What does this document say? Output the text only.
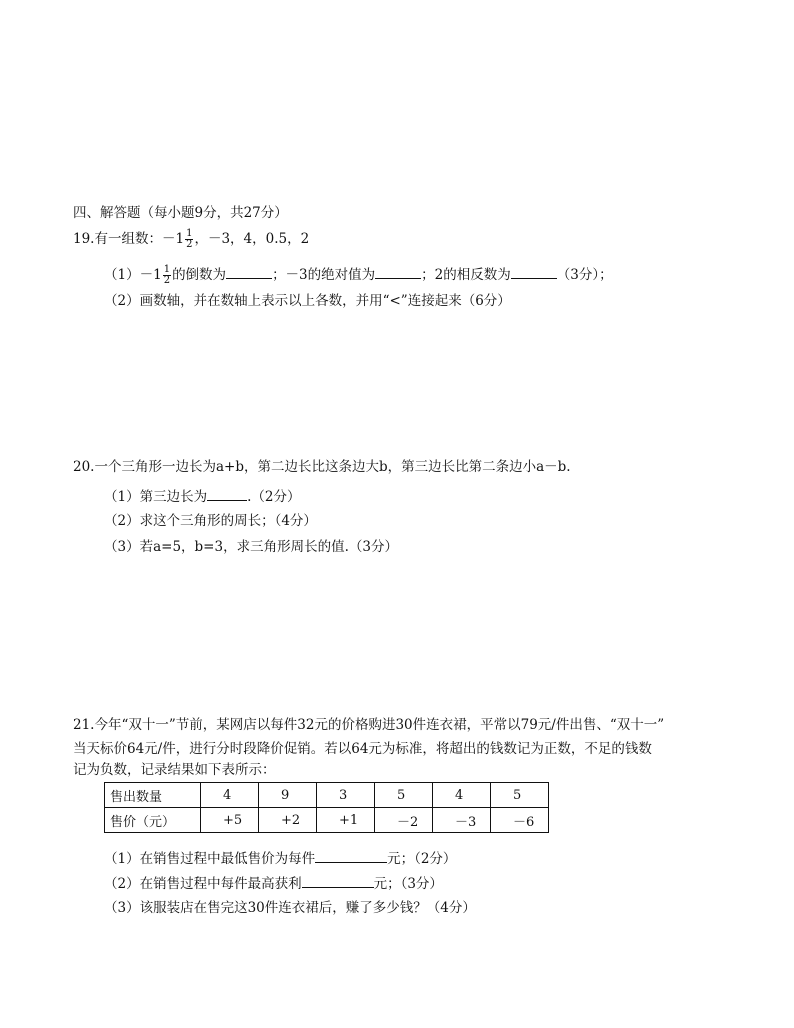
四、解答题（每小题9分，共27分）
19.有一组数：$-1 \frac{1}{2}$ ，－3，4，0.5，2
$(1)-1 \frac{1}{2}$ 的倒数为	；－3的绝对值为	；2的相反数为	（3分）；
（2）画数轴，并在数轴上表示以上各数，并用“<”连接起来（6分）
20.一个三角形一边长为a+b，第二边长比这条边大b，第三边长比第二条边小a－b.
（1）第三边长为	.（2分）
（2）求这个三角形的周长；（4分）
（3）若a=5，b=3，求三角形周长的值.（3分）
21.今年“双十一”节前，某网店以每件32元的价格购进30件连衣裙，平常以79元/件出售、“双十一”
当天标价64元/件，进行分时段降价促销。若以64元为标准，将超出的钱数记为正数，不足的钱数
记为负数，记录结果如下表所示：
售出数量	4	9	3	5	4	5
售价（元）	+5	+2	+1	－2	－3	－6
（1）在销售过程中最低售价为每件	元；（2分）
（2）在销售过程中每件最高获利	元；（3分）
（3）该服装店在售完这30件连衣裙后，赚了多少钱？（4分）
